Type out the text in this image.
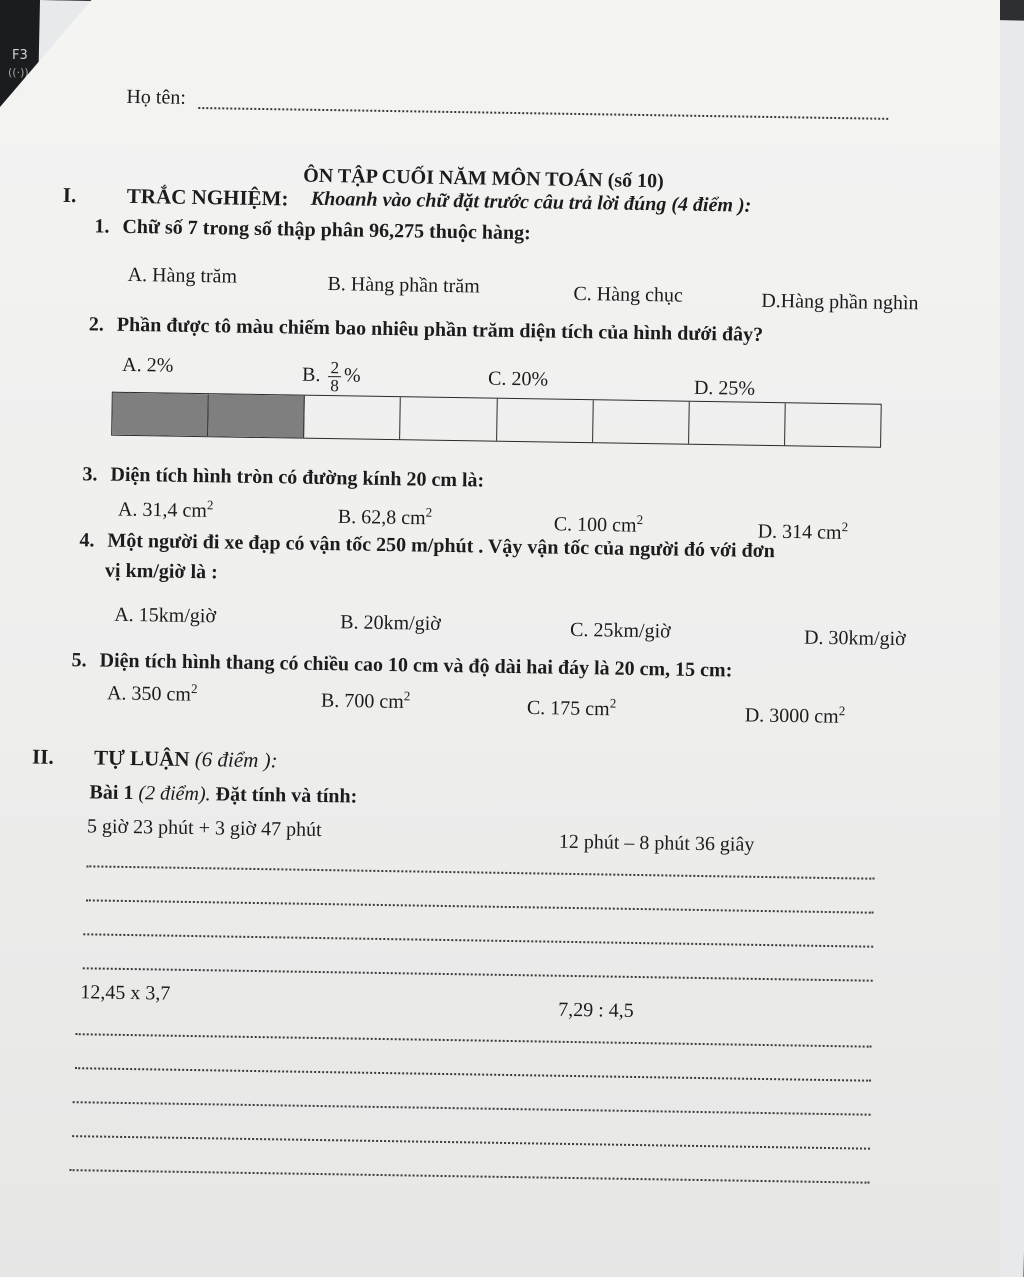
F3
((·))
Họ tên:
ÔN TẬP CUỐI NĂM MÔN TOÁN (số 10)
I. TRẮC NGHIỆM: Khoanh vào chữ đặt trước câu trả lời đúng (4 điểm ):
1. Chữ số 7 trong số thập phân 96,275 thuộc hàng:
A. Hàng trăm	B. Hàng phần trăm	C. Hàng chục	D.Hàng phần nghìn
2. Phần được tô màu chiếm bao nhiêu phần trăm diện tích của hình dưới đây?
A. 2%	B. $\frac{2}{8}$ %	C. 20%	D. 25%
3. Diện tích hình tròn có đường kính 20 cm là:
A. 31,4 $cm^2$
B. 62,8 $cm^2$
C. 100 $cm^2$
D. 314 $cm^2$
4. Một người đi xe đạp có vận tốc 250 m/phút . Vậy vận tốc của người đó với đơn
vị km/giờ là :
A. 15km/giờ	B. 20km/giờ	C. 25km/giờ	D. 30km/giờ
5. Diện tích hình thang có chiều cao 10 cm và độ dài hai đáy là 20 cm, 15 cm:
A. 350 $cm^2$
B. 700 $cm^2$
C. 175 $cm^2$
D. 3000 $cm^2$
II. TỰ LUẬN (6 điểm ):
Bài 1 (2 điểm). Đặt tính và tính:
5 giờ 23 phút + 3 giờ 47 phút
12 phút – 8 phút 36 giây
12,45 x 3,7
7,29 : 4,5
